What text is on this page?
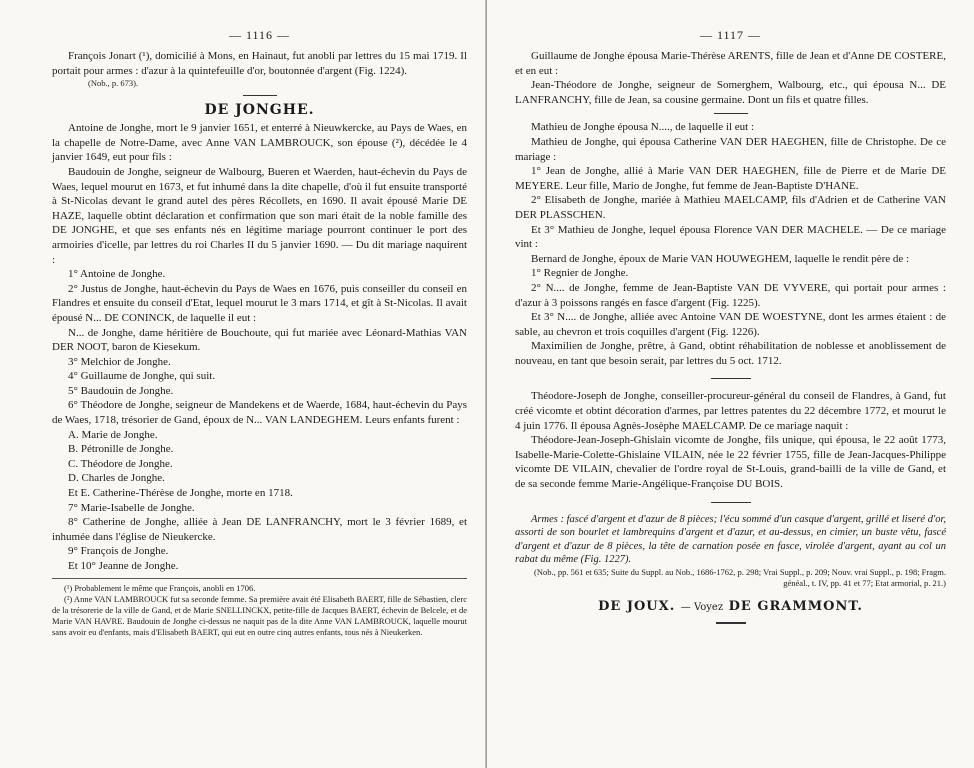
— 1116 —

François Jonart (¹), domicilié à Mons, en Hainaut, fut anobli par lettres du 15 mai 1719. Il portait pour armes : d'azur à la quintefeuille d'or, boutonnée d'argent (Fig. 1224).

(Nob., p. 673).

DE JONGHE.

Antoine de Jonghe, mort le 9 janvier 1651, et enterré à Nieuwkercke, au Pays de Waes, en la chapelle de Notre-Dame, avec Anne VAN LAMBROUCK, son épouse (²), décédée le 4 janvier 1649, eut pour fils :

Baudouin de Jonghe, seigneur de Walbourg, Bueren et Waerden, haut-échevin du Pays de Waes, lequel mourut en 1673, et fut inhumé dans la dite chapelle, d'où il fut ensuite transporté à St-Nicolas devant le grand autel des pères Récollets, en 1690. Il avait épousé Marie DE HAZE, laquelle obtint déclaration et confirmation que son mari était de la noble famille des DE JONGHE, et que ses enfants nés en légitime mariage pourront continuer le port des armoiries d'icelle, par lettres du roi Charles II du 5 janvier 1690. — Du dit mariage naquirent :

1° Antoine de Jonghe.

2° Justus de Jonghe, haut-échevin du Pays de Waes en 1676, puis conseiller du conseil en Flandres et ensuite du conseil d'Etat, lequel mourut le 3 mars 1714, et gît à St-Nicolas. Il avait épousé N... DE CONINCK, de laquelle il eut :

N... de Jonghe, dame héritière de Bouchoute, qui fut mariée avec Léonard-Mathias VAN DER NOOT, baron de Kiesekum.

3° Melchior de Jonghe.

4° Guillaume de Jonghe, qui suit.

5° Baudouin de Jonghe.

6° Théodore de Jonghe, seigneur de Mandekens et de Waerde, 1684, haut-échevin du Pays de Waes, 1718, trésorier de Gand, époux de N... VAN LANDEGHEM. Leurs enfants furent :

A. Marie de Jonghe.

B. Pétronille de Jonghe.

C. Théodore de Jonghe.

D. Charles de Jonghe.

Et E. Catherine-Thérèse de Jonghe, morte en 1718.

7° Marie-Isabelle de Jonghe.

8° Catherine de Jonghe, alliée à Jean DE LANFRANCHY, mort le 3 février 1689, et inhumée dans l'église de Nieukercke.

9° François de Jonghe.

Et 10° Jeanne de Jonghe.

(¹) Probablement le même que François, anobli en 1706.

(²) Anne VAN LAMBROUCK fut sa seconde femme. Sa première avait été Elisabeth BAERT, fille de Sébastien, clerc de la trésorerie de la ville de Gand, et de Marie SNELLINCKX, petite-fille de Jacques BAERT, échevin de Belcele, et de Marie VAN HAVRE. Baudouin de Jonghe ci-dessus ne naquit pas de la dite Anne VAN LAMBROUCK, laquelle mourut sans avoir eu d'enfants, mais d'Elisabeth BAERT, qui eut en outre cinq autres enfants, tous nés à Nieukerken.

— 1117 —

Guillaume de Jonghe épousa Marie-Thérèse ARENTS, fille de Jean et d'Anne DE COSTERE, et en eut :

Jean-Théodore de Jonghe, seigneur de Somerghem, Walbourg, etc., qui épousa N... DE LANFRANCHY, fille de Jean, sa cousine germaine. Dont un fils et quatre filles.

Mathieu de Jonghe épousa N...., de laquelle il eut :

Mathieu de Jonghe, qui épousa Catherine VAN DER HAEGHEN, fille de Christophe. De ce mariage :

1° Jean de Jonghe, allié à Marie VAN DER HAEGHEN, fille de Pierre et de Marie DE MEYERE. Leur fille, Mario de Jonghe, fut femme de Jean-Baptiste D'HANE.

2° Elisabeth de Jonghe, mariée à Mathieu MAELCAMP, fils d'Adrien et de Catherine VAN DER PLASSCHEN.

Et 3° Mathieu de Jonghe, lequel épousa Florence VAN DER MACHELE. — De ce mariage vint :

Bernard de Jonghe, époux de Marie VAN HOUWEGHEM, laquelle le rendit père de :

1° Regnier de Jonghe.

2° N.... de Jonghe, femme de Jean-Baptiste VAN DE VYVERE, qui portait pour armes : d'azur à 3 poissons rangés en fasce d'argent (Fig. 1225).

Et 3° N.... de Jonghe, alliée avec Antoine VAN DE WOESTYNE, dont les armes étaient : de sable, au chevron et trois coquilles d'argent (Fig. 1226).

Maximilien de Jonghe, prêtre, à Gand, obtint réhabilitation de noblesse et anoblissement de nouveau, en tant que besoin serait, par lettres du 5 oct. 1712.

Théodore-Joseph de Jonghe, conseiller-procureur-général du conseil de Flandres, à Gand, fut créé vicomte et obtint décoration d'armes, par lettres patentes du 22 décembre 1772, et mourut le 4 juin 1776. Il épousa Agnès-Josèphe MAELCAMP. De ce mariage naquit :

Théodore-Jean-Joseph-Ghislain vicomte de Jonghe, fils unique, qui épousa, le 22 août 1773, Isabelle-Marie-Colette-Ghislaine VILAIN, née le 22 février 1755, fille de Jean-Jacques-Philippe vicomte DE VILAIN, chevalier de l'ordre royal de St-Louis, grand-bailli de la ville de Gand, et de sa seconde femme Marie-Angélique-Françoise DU BOIS.

Armes : fascé d'argent et d'azur de 8 pièces; l'écu sommé d'un casque d'argent, grillé et liseré d'or, assorti de son bourlet et lambrequins d'argent et d'azur, et au-dessus, en cimier, un buste vêtu, fascé d'argent et d'azur de 8 pièces, la tête de carnation posée en fasce, virolée d'argent, ayant au col un rabat du même (Fig. 1227).

(Nob., pp. 561 et 635; Suite du Suppl. au Nob., 1686-1762, p. 298; Vrai Suppl., p. 209; Nouv. vrai Suppl., p. 198; Fragm. généal., t. IV, pp. 41 et 77; Etat armorial, p. 21.)

DE JOUX. — Voyez DE GRAMMONT.
